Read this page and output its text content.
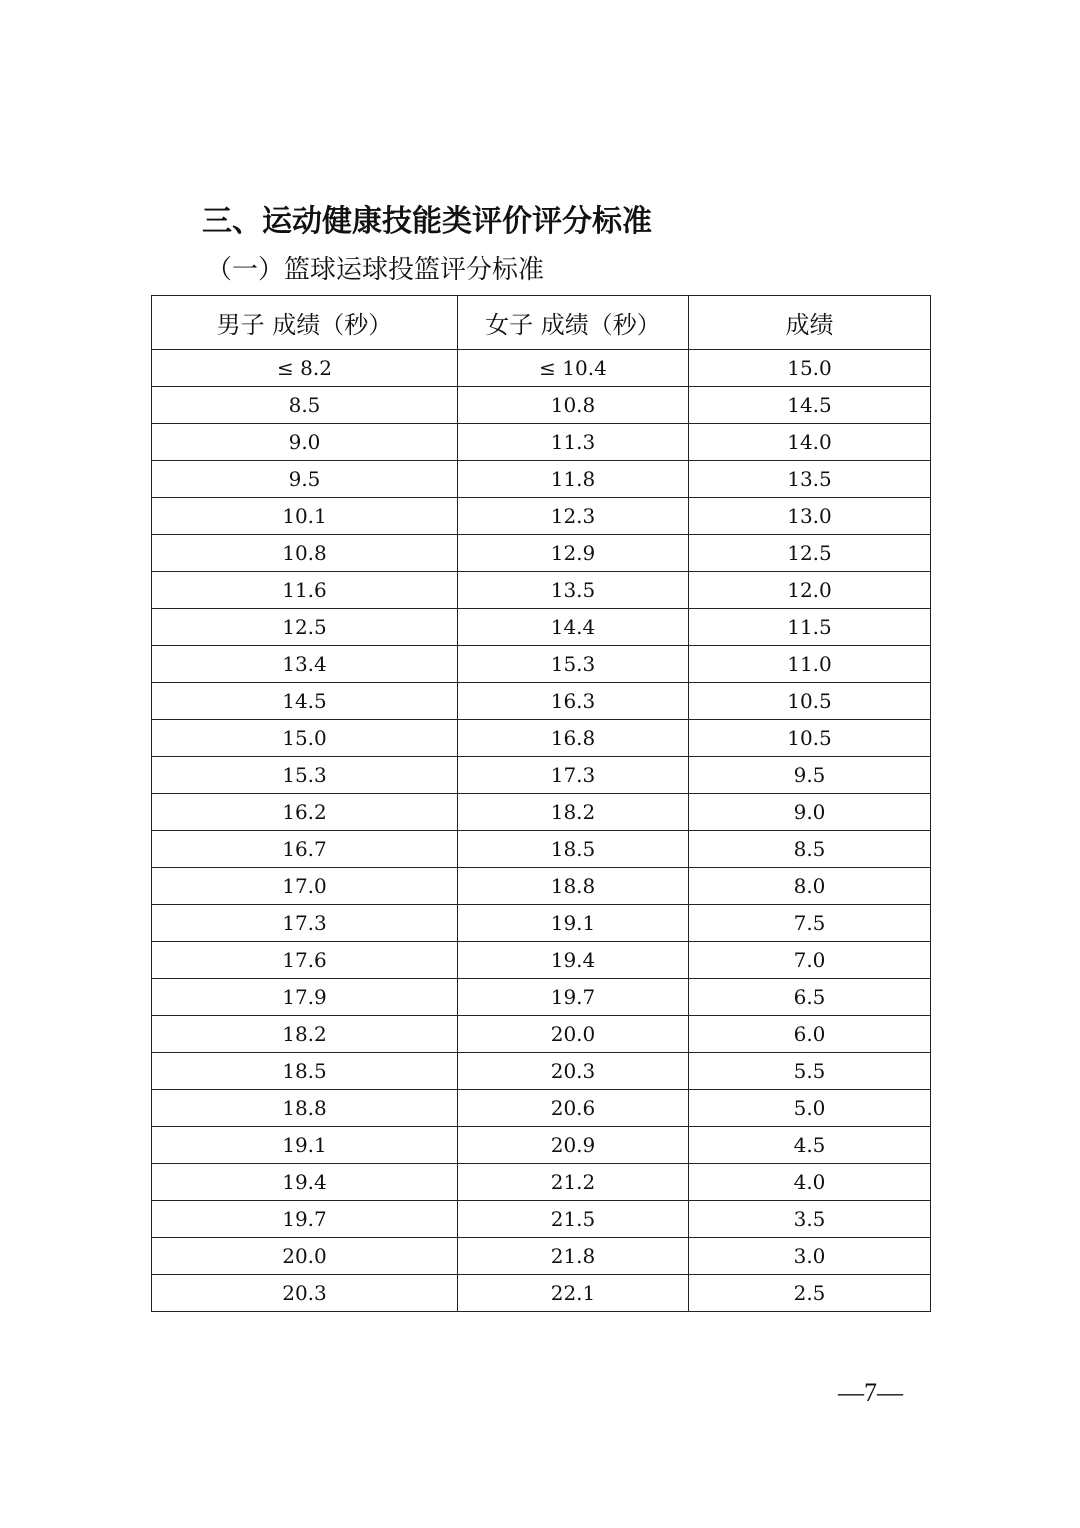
三、运动健康技能类评价评分标准
（一）篮球运球投篮评分标准
男子 成绩（秒）	女子 成绩（秒）	成绩
≤ 8.2	≤ 10.4	15.0
8.5	10.8	14.5
9.0	11.3	14.0
9.5	11.8	13.5
10.1	12.3	13.0
10.8	12.9	12.5
11.6	13.5	12.0
12.5	14.4	11.5
13.4	15.3	11.0
14.5	16.3	10.5
15.0	16.8	10.5
15.3	17.3	9.5
16.2	18.2	9.0
16.7	18.5	8.5
17.0	18.8	8.0
17.3	19.1	7.5
17.6	19.4	7.0
17.9	19.7	6.5
18.2	20.0	6.0
18.5	20.3	5.5
18.8	20.6	5.0
19.1	20.9	4.5
19.4	21.2	4.0
19.7	21.5	3.5
20.0	21.8	3.0
20.3	22.1	2.5
—7—
